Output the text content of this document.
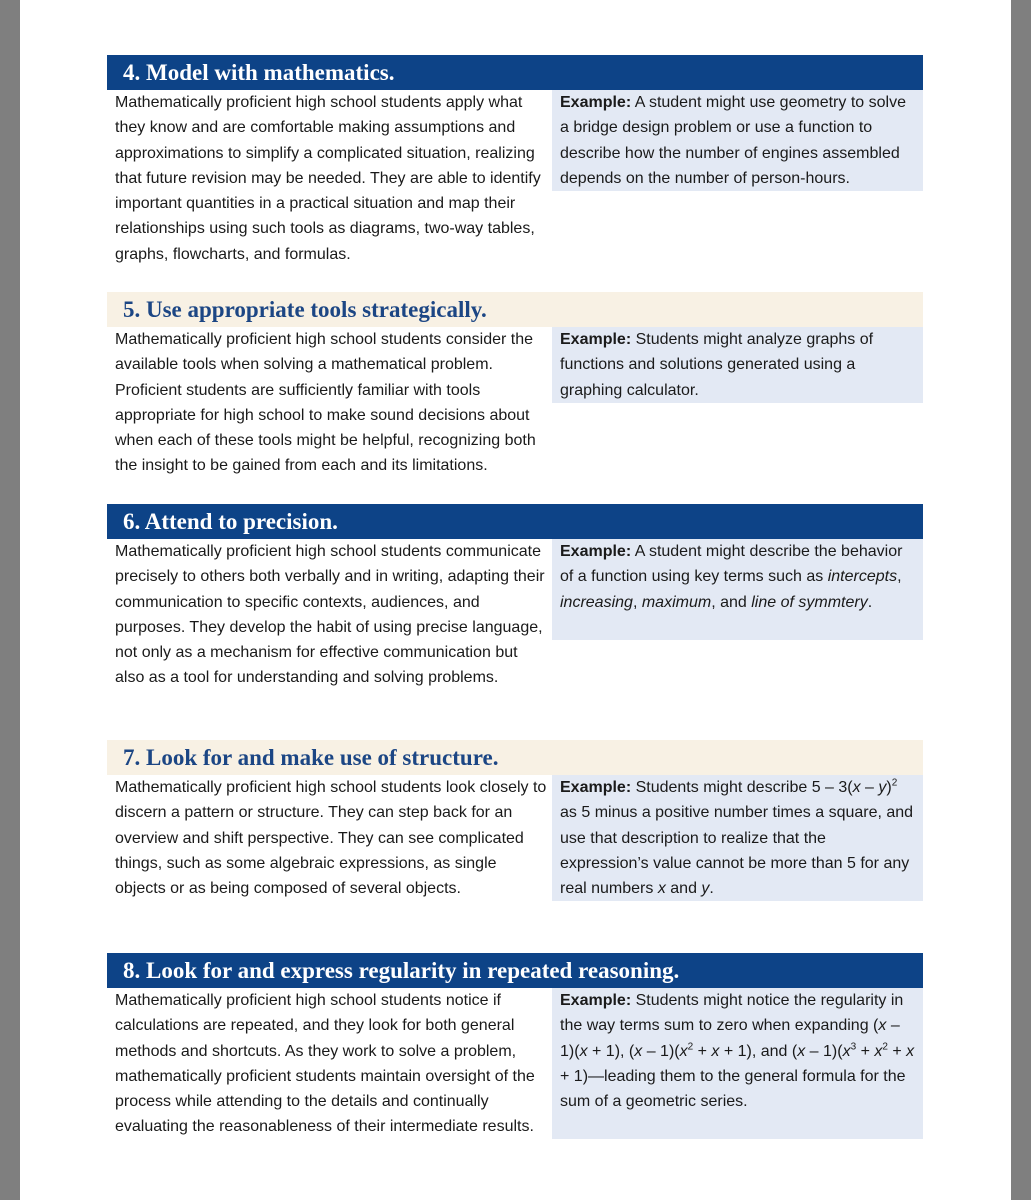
4. Model with mathematics.
Mathematically proficient high school students apply what they know and are comfortable making assumptions and approximations to simplify a complicated situation, realizing that future revision may be needed. They are able to identify important quantities in a practical situation and map their relationships using such tools as diagrams, two-way tables, graphs, flowcharts, and formulas.
Example: A student might use geometry to solve a bridge design problem or use a function to describe how the number of engines assembled depends on the number of person-hours.
5. Use appropriate tools strategically.
Mathematically proficient high school students consider the available tools when solving a mathematical problem. Proficient students are sufficiently familiar with tools appropriate for high school to make sound decisions about when each of these tools might be helpful, recognizing both the insight to be gained from each and its limitations.
Example: Students might analyze graphs of functions and solutions generated using a graphing calculator.
6. Attend to precision.
Mathematically proficient high school students communicate precisely to others both verbally and in writing, adapting their communication to specific contexts, audiences, and purposes. They develop the habit of using precise language, not only as a mechanism for effective communication but also as a tool for understanding and solving problems.
Example: A student might describe the behavior of a function using key terms such as intercepts, increasing, maximum, and line of symmtery.
7. Look for and make use of structure.
Mathematically proficient high school students look closely to discern a pattern or structure. They can step back for an overview and shift perspective. They can see complicated things, such as some algebraic expressions, as single objects or as being composed of several objects.
Example: Students might describe 5 – 3(x – y)$^2$ as 5 minus a positive number times a square, and use that description to realize that the expression’s value cannot be more than 5 for any real numbers x and y.
8. Look for and express regularity in repeated reasoning.
Mathematically proficient high school students notice if calculations are repeated, and they look for both general methods and shortcuts. As they work to solve a problem, mathematically proficient students maintain oversight of the process while attending to the details and continually evaluating the reasonableness of their intermediate results.
Example: Students might notice the regularity in the way terms sum to zero when expanding (x – 1)(x + 1), $(x - 1)(x^2 + x + 1)$, and $(x - 1)(x^3 + x^2 + x$ + 1)—leading them to the general formula for the sum of a geometric series.
